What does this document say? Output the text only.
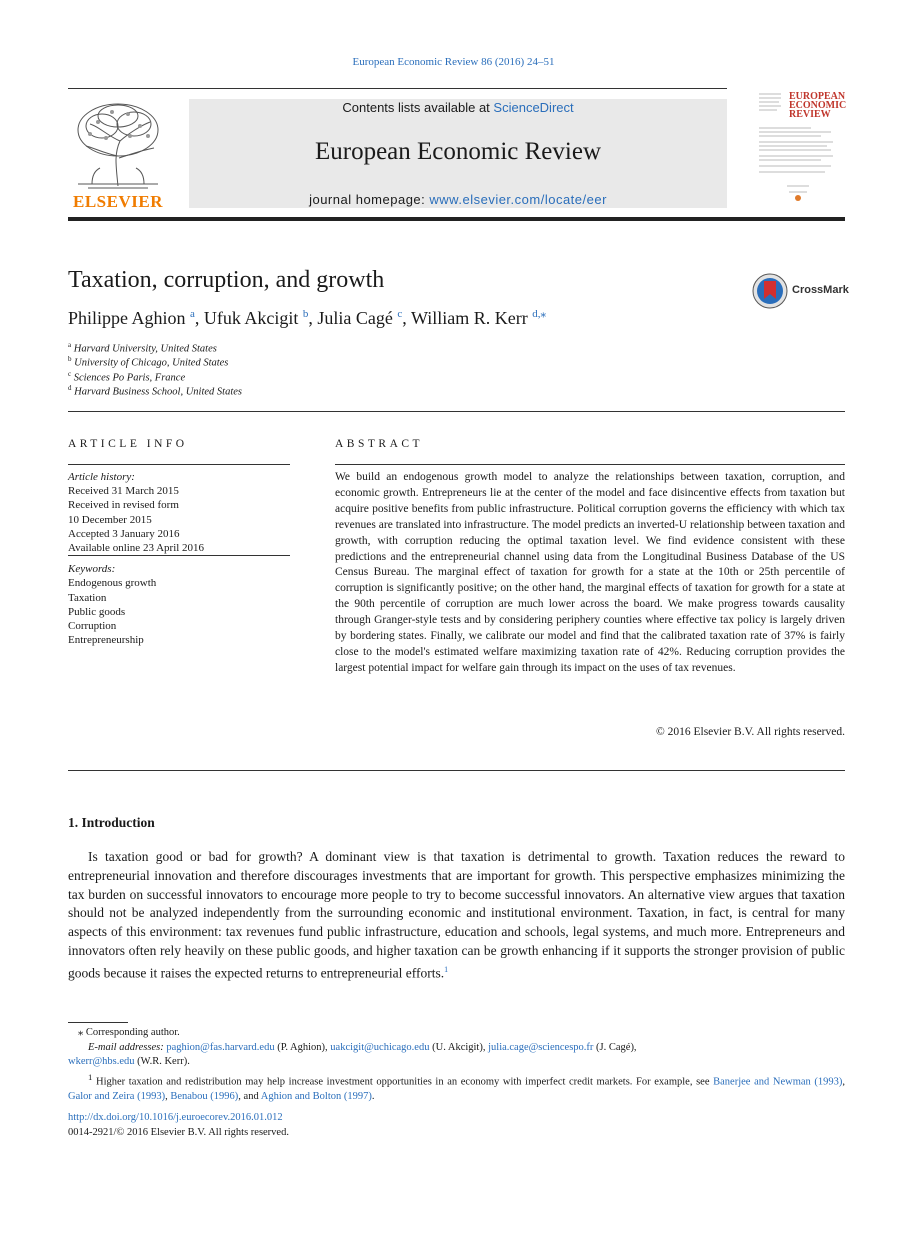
European Economic Review 86 (2016) 24–51
ELSEVIER
Contents lists available at ScienceDirect
European Economic Review
journal homepage: www.elsevier.com/locate/eer
EUROPEAN ECONOMIC REVIEW
Taxation, corruption, and growth	CrossMark
Philippe Aghion $^a$, Ufuk Akcigit $^b$, Julia Cagé $^c$, William R. Kerr $^{d,⁎}$
$^a$ Harvard University, United States
$^b$ University of Chicago, United States
$^c$ Sciences Po Paris, France
$^d$ Harvard Business School, United States
ARTICLE INFO
Article history:
Received 31 March 2015
Received in revised form
10 December 2015
Accepted 3 January 2016
Available online 23 April 2016
Keywords:
Endogenous growth
Taxation
Public goods
Corruption
Entrepreneurship
ABSTRACT
We build an endogenous growth model to analyze the relationships between taxation, corruption, and economic growth. Entrepreneurs lie at the center of the model and face disincentive effects from taxation but acquire positive benefits from public infrastructure. Political corruption governs the efficiency with which tax revenues are translated into infrastructure. The model predicts an inverted-U relationship between taxation and growth, with corruption reducing the optimal taxation level. We find evidence consistent with these predictions and the entrepreneurial channel using data from the Longitudinal Business Database of the US Census Bureau. The marginal effect of taxation for growth for a state at the 10th or 25th percentile of corruption is significantly positive; on the other hand, the marginal effects of taxation for growth for a state at the 90th percentile of corruption are much lower across the board. We make progress towards causality through Granger-style tests and by considering periphery counties where effective tax policy is largely driven by bordering states. Finally, we calibrate our model and find that the calibrated taxation rate of 37% is fairly close to the model's estimated welfare maximizing taxation rate of 42%. Reducing corruption provides the largest potential impact for welfare gain through its impact on the uses of tax revenues.
© 2016 Elsevier B.V. All rights reserved.
1. Introduction
Is taxation good or bad for growth? A dominant view is that taxation is detrimental to growth. Taxation reduces the reward to entrepreneurial innovation and therefore discourages investments that are important for growth. This perspective emphasizes minimizing the tax burden on successful innovators to encourage more people to try to become successful innovators. An alternative view argues that taxation should not be analyzed independently from the surrounding economic and institutional environment. Taxation, in fact, is central for many aspects of this environment: tax revenues fund public infrastructure, education and schools, legal systems, and much more. Entrepreneurs and innovators often rely heavily on these public goods, and higher taxation can be growth enhancing if it supports the stronger provision of public goods because it raises the expected returns to entrepreneurial efforts.$^1$
⁎ Corresponding author.
E-mail addresses: paghion@fas.harvard.edu (P. Aghion), uakcigit@uchicago.edu (U. Akcigit), julia.cage@sciencespo.fr (J. Cagé),
wkerr@hbs.edu (W.R. Kerr).
$^1$ Higher taxation and redistribution may help increase investment opportunities in an economy with imperfect credit markets. For example, see Banerjee and Newman (1993), Galor and Zeira (1993), Benabou (1996), and Aghion and Bolton (1997).
http://dx.doi.org/10.1016/j.euroecorev.2016.01.012
0014-2921/© 2016 Elsevier B.V. All rights reserved.
